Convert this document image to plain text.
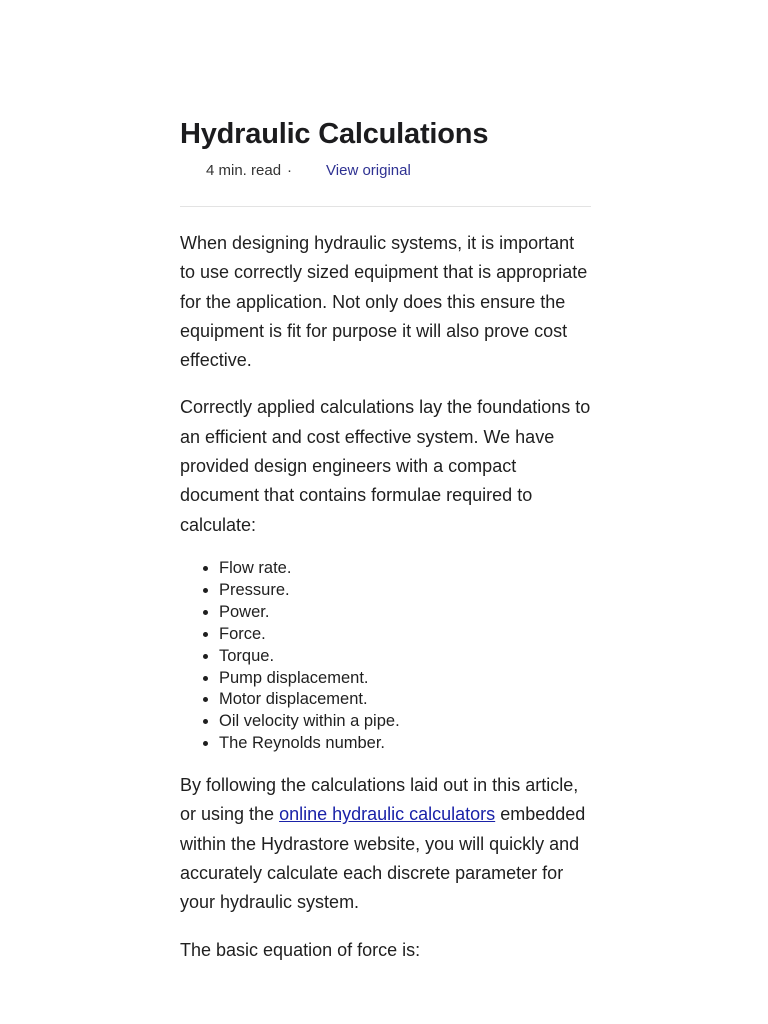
Hydraulic Calculations
4 min. read · View original

When designing hydraulic systems, it is important to use correctly sized equipment that is appropriate for the application. Not only does this ensure the equipment is fit for purpose it will also prove cost effective.

Correctly applied calculations lay the foundations to an efficient and cost effective system. We have provided design engineers with a compact document that contains formulae required to calculate:

• Flow rate.
• Pressure.
• Power.
• Force.
• Torque.
• Pump displacement.
• Motor displacement.
• Oil velocity within a pipe.
• The Reynolds number.

By following the calculations laid out in this article, or using the online hydraulic calculators embedded within the Hydrastore website, you will quickly and accurately calculate each discrete parameter for your hydraulic system.

The basic equation of force is:
